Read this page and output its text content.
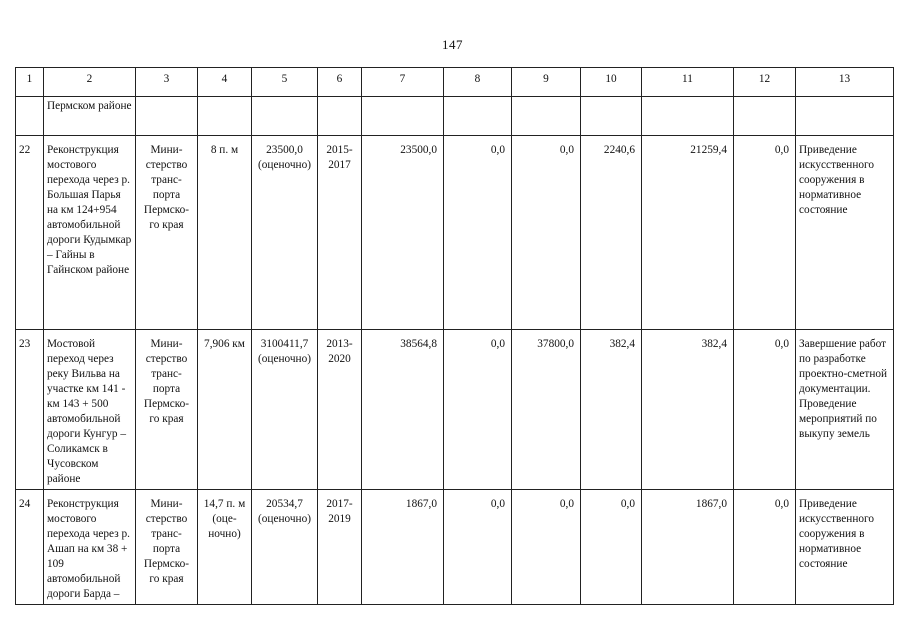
147
1	2	3	4	5	6	7	8	9	10	11	12	13
	Пермском районе											
22	Реконструкция мостового перехода через р. Большая Парья на км 124+954 автомобильной дороги Кудымкар – Гайны в Гайнском районе	Мини-стерство транс-порта Пермско-го края	8 п. м	23500,0 (оценочно)	2015-2017	23500,0	0,0	0,0	2240,6	21259,4	0,0	Приведение искусственного сооружения в нормативное состояние
23	Мостовой переход через реку Вильва на участке км 141 - км 143 + 500 автомобильной дороги Кунгур – Соликамск в Чусовском районе	Мини-стерство транс-порта Пермско-го края	7,906 км	3100411,7 (оценочно)	2013-2020	38564,8	0,0	37800,0	382,4	382,4	0,0	Завершение работ по разработке проектно-сметной документации. Проведение мероприятий по выкупу земель
24	Реконструкция мостового перехода через р. Ашап на км 38 + 109 автомобильной дороги Барда –	Мини-стерство транс-порта Пермско-го края	14,7 п. м (оце-ночно)	20534,7 (оценочно)	2017-2019	1867,0	0,0	0,0	0,0	1867,0	0,0	Приведение искусственного сооружения в нормативное состояние
